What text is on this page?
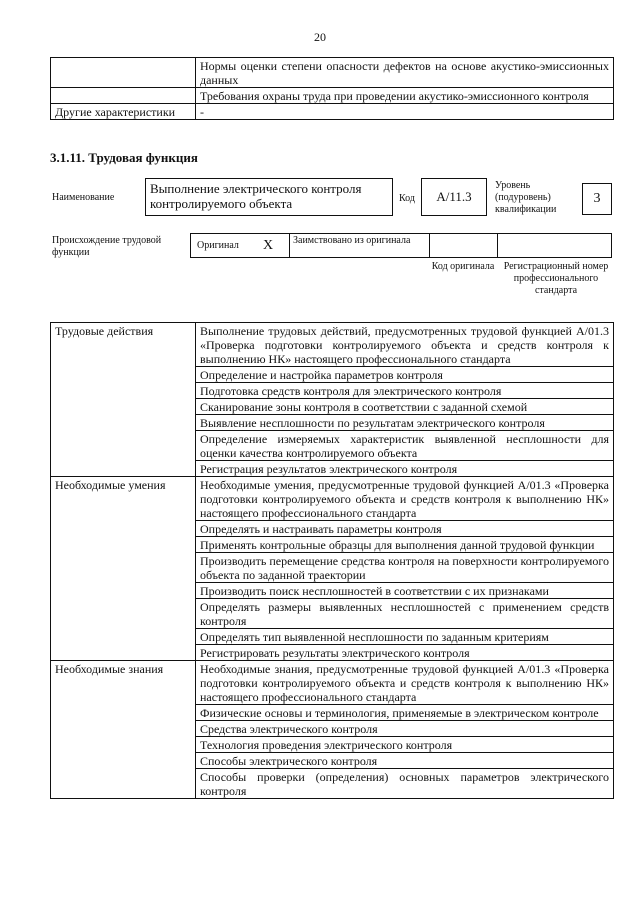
20
	Нормы оценки степени опасности дефектов на основе акустико-эмиссионных данных
	Требования охраны труда при проведении акустико-эмиссионного контроля
Другие характеристики	-
3.1.11. Трудовая функция
Наименование
Выполнение электрического контроля контролируемого объекта	Код	А/11.3
Уровень (подуровень) квалификации
3
Происхождение трудовой функции
Оригинал X Заимствовано из оригинала
Код оригинала Регистрационный номер профессионального стандарта
Трудовые действия	Выполнение трудовых действий, предусмотренных трудовой функцией А/01.3 «Проверка подготовки контролируемого объекта и средств контроля к выполнению НК» настоящего профессионального стандарта
	Определение и настройка параметров контроля
	Подготовка средств контроля для электрического контроля
	Сканирование зоны контроля в соответствии с заданной схемой
	Выявление несплошности по результатам электрического контроля
	Определение измеряемых характеристик выявленной несплошности для оценки качества контролируемого объекта
	Регистрация результатов электрического контроля
Необходимые умения	Необходимые умения, предусмотренные трудовой функцией А/01.3 «Проверка подготовки контролируемого объекта и средств контроля к выполнению НК» настоящего профессионального стандарта
	Определять и настраивать параметры контроля
	Применять контрольные образцы для выполнения данной трудовой функции
	Производить перемещение средства контроля на поверхности контролируемого объекта по заданной траектории
	Производить поиск несплошностей в соответствии с их признаками
	Определять размеры выявленных несплошностей с применением средств контроля
	Определять тип выявленной несплошности по заданным критериям
	Регистрировать результаты электрического контроля
Необходимые знания	Необходимые знания, предусмотренные трудовой функцией А/01.3 «Проверка подготовки контролируемого объекта и средств контроля к выполнению НК» настоящего профессионального стандарта
	Физические основы и терминология, применяемые в электрическом контроле
	Средства электрического контроля
	Технология проведения электрического контроля
	Способы электрического контроля
	Способы проверки (определения) основных параметров электрического контроля
